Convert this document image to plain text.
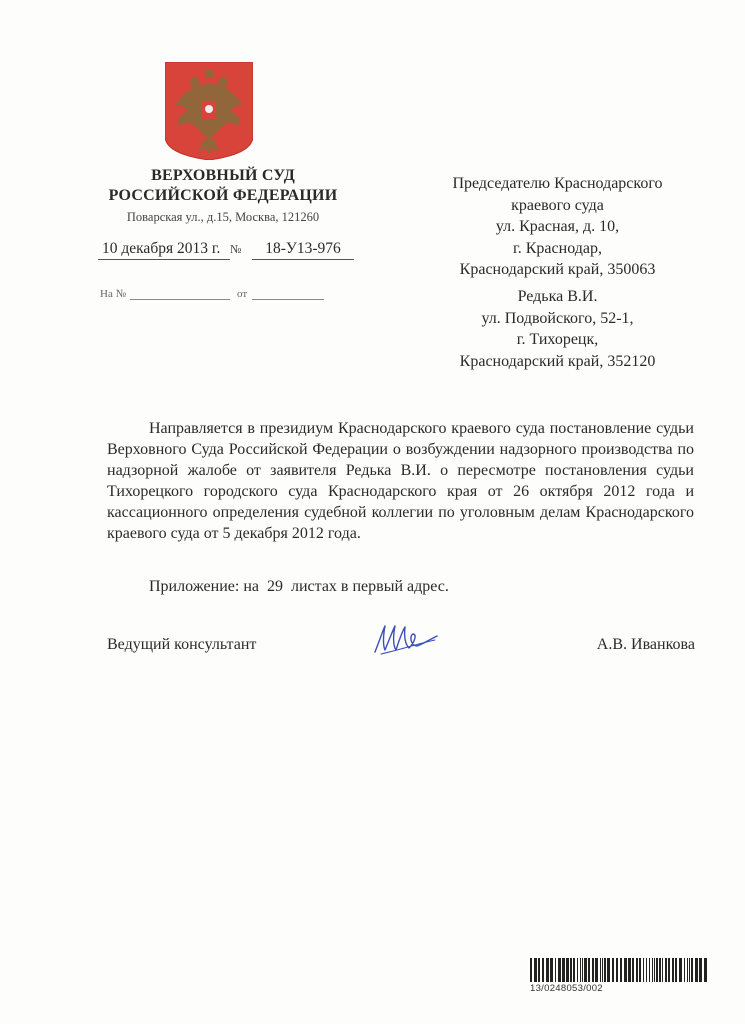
ВЕРХОВНЫЙ СУД
РОССИЙСКОЙ ФЕДЕРАЦИИ
Поварская ул., д.15, Москва, 121260
10 декабря 2013 г. №	18-У13-976
На №	от
Председателю Краснодарского
краевого суда
ул. Красная, д. 10,
г. Краснодар,
Краснодарский край, 350063
Редька В.И.
ул. Подвойского, 52-1,
г. Тихорецк,
Краснодарский край, 352120
Направляется в президиум Краснодарского краевого суда постановление судьи Верховного Суда Российской Федерации о возбуждении надзорного производства по надзорной жалобе от заявителя Редька В.И. о пересмотре постановления судьи Тихорецкого городского суда Краснодарского края от 26 октября 2012 года и кассационного определения судебной коллегии по уголовным делам Краснодарского краевого суда от 5 декабря 2012 года.
Приложение: на  29  листах в первый адрес.
Ведущий консультант	А.В. Иванкова
13/0248053/002
